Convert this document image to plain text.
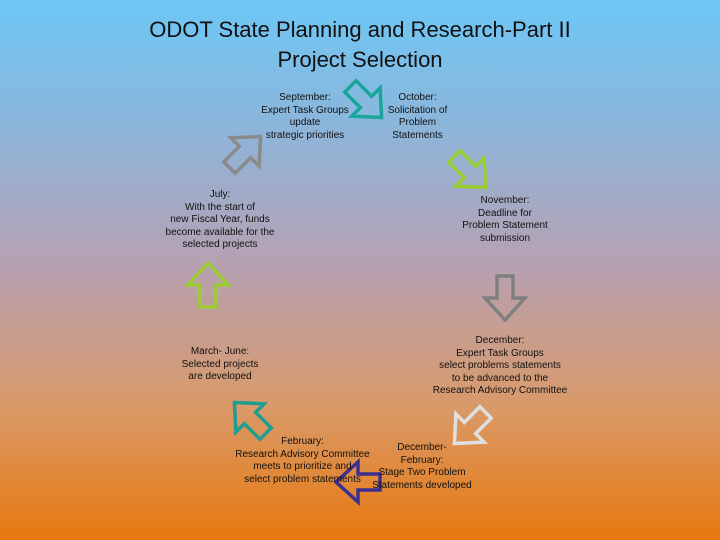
ODOT State Planning and Research-Part II
Project Selection
September:
Expert Task Groups
update
strategic priorities
October:
Solicitation of
Problem
Statements
November:
Deadline for
Problem Statement
submission
December:
Expert Task Groups
select problems statements
to be advanced to the
Research Advisory Committee
December-
February:
Stage Two Problem
Statements developed
February:
Research Advisory Committee
meets to prioritize and
select problem statements
March- June:
Selected projects
are developed
July:
With the start of
new Fiscal Year, funds
become available for the
selected projects
